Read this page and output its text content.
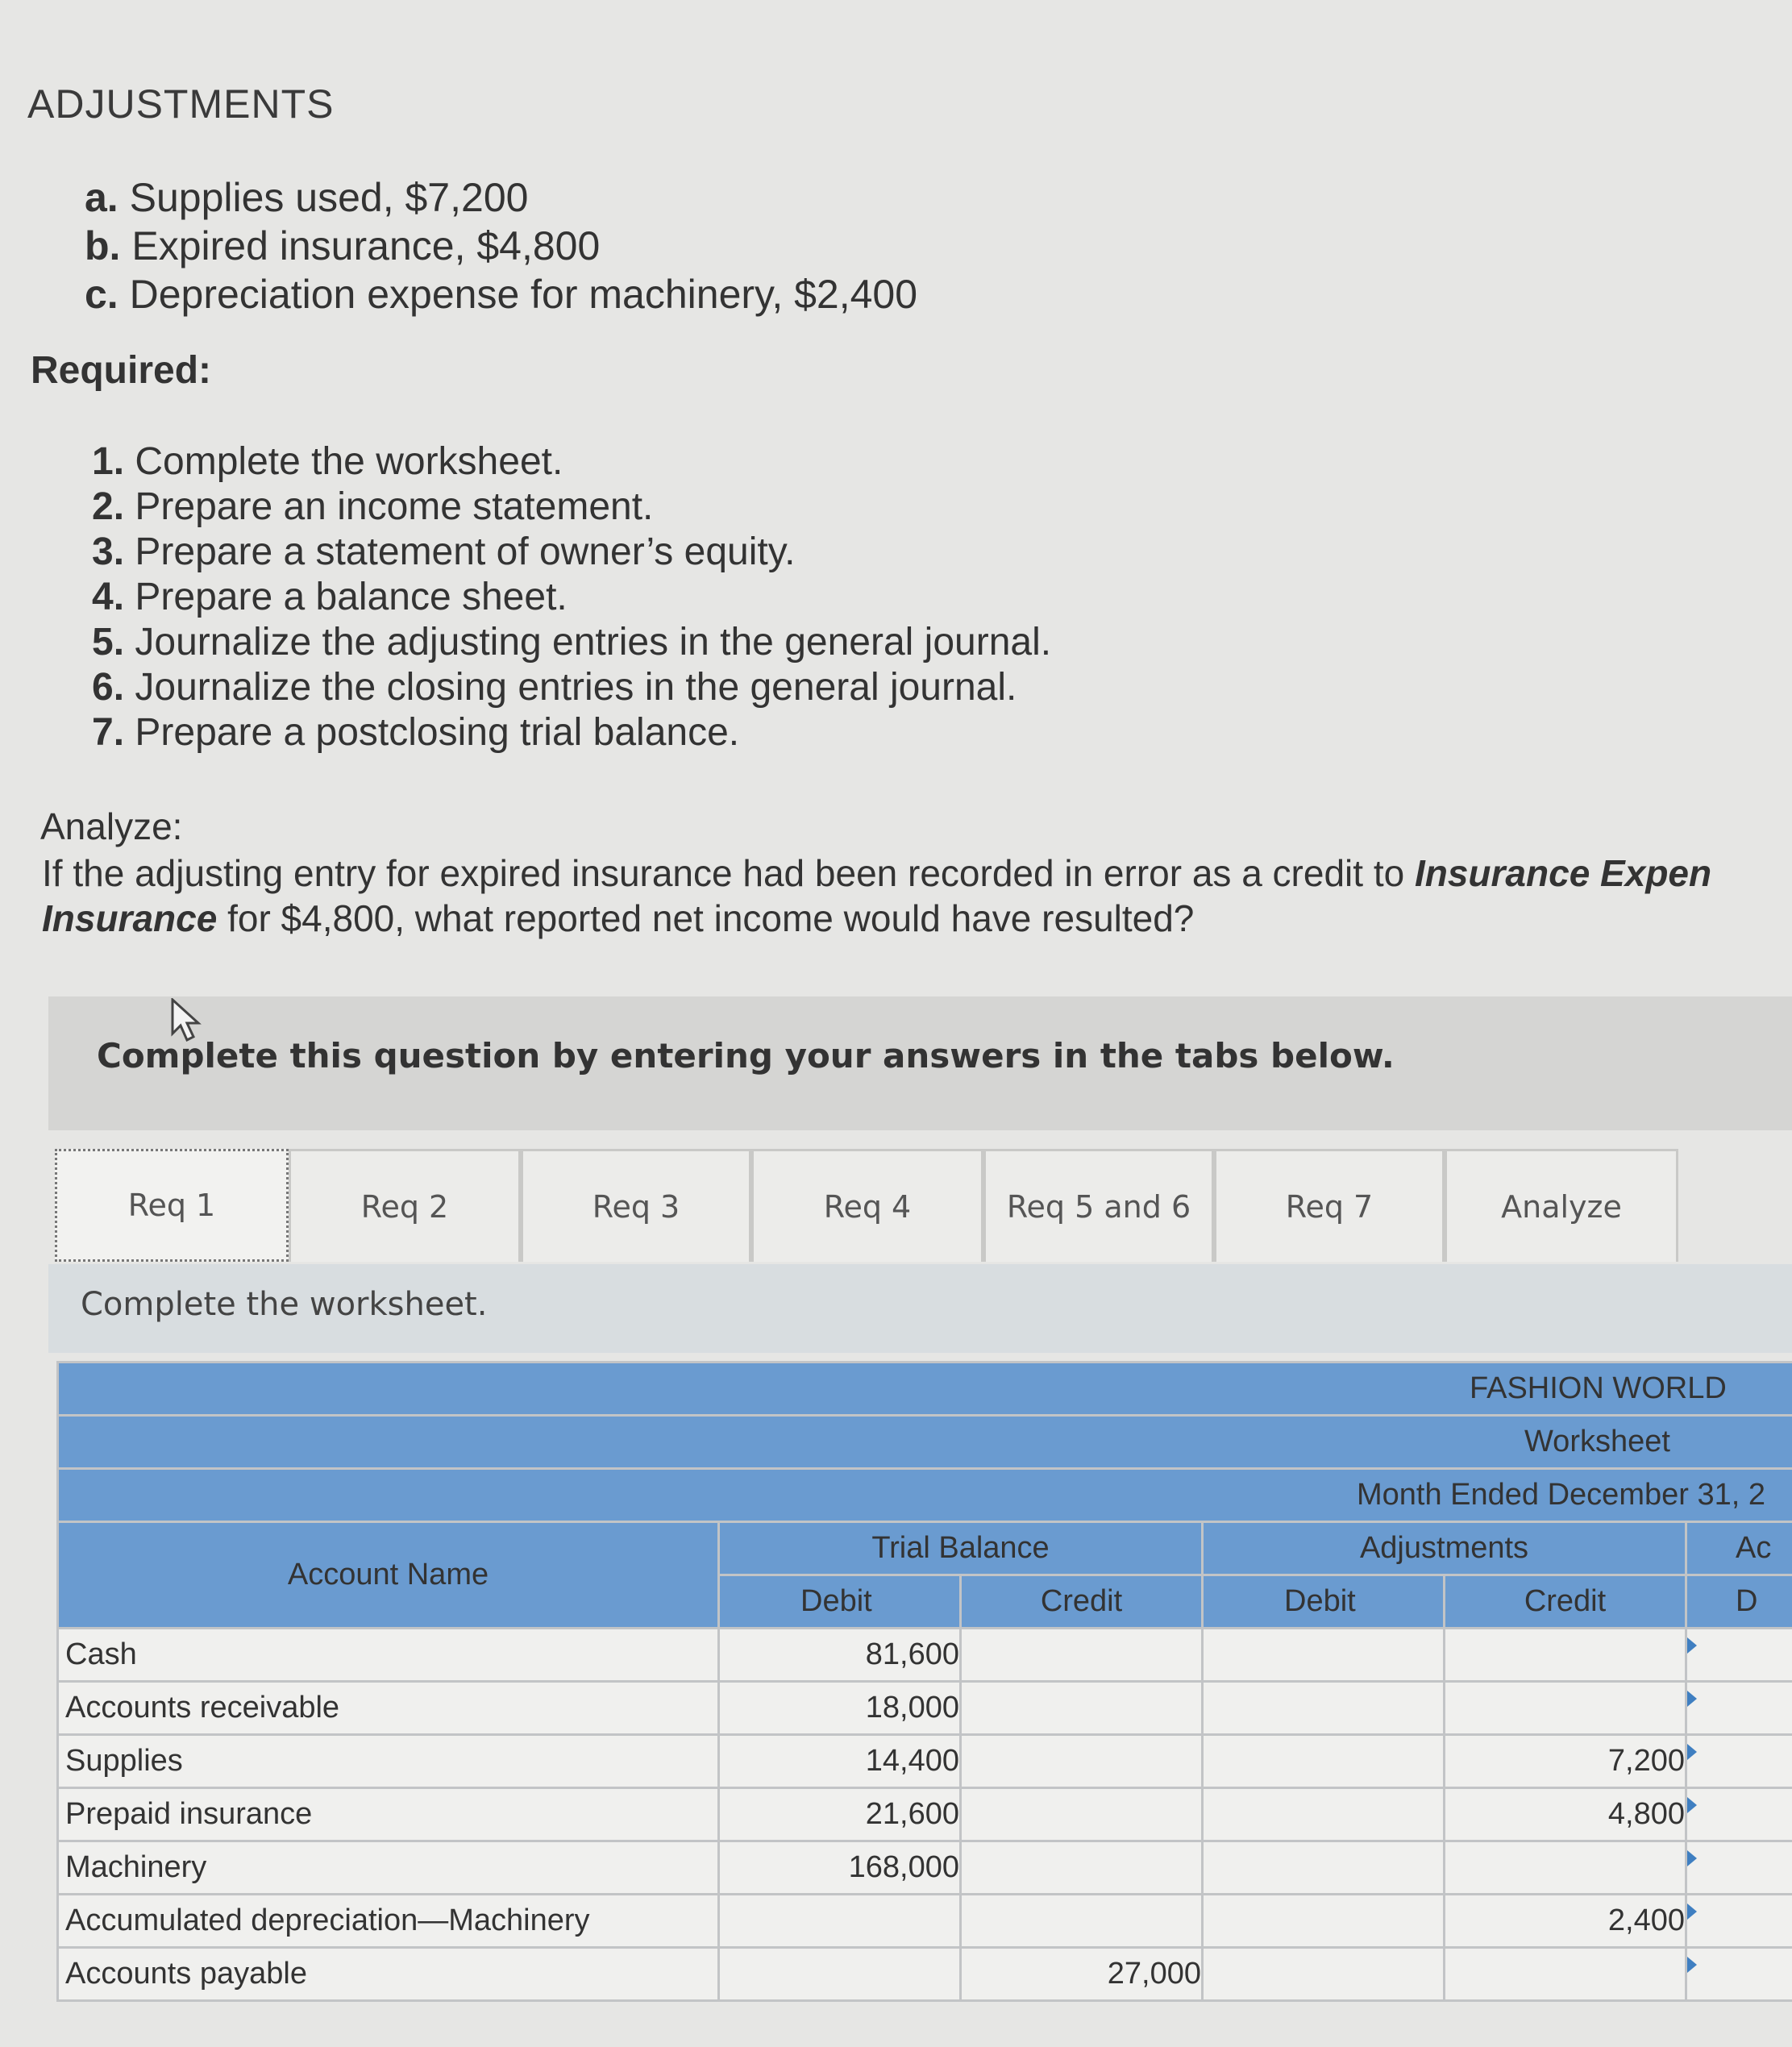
ADJUSTMENTS
a. Supplies used, $7,200
b. Expired insurance, $4,800
c. Depreciation expense for machinery, $2,400
Required:
1. Complete the worksheet.
2. Prepare an income statement.
3. Prepare a statement of owner’s equity.
4. Prepare a balance sheet.
5. Journalize the adjusting entries in the general journal.
6. Journalize the closing entries in the general journal.
7. Prepare a postclosing trial balance.
Analyze:
If the adjusting entry for expired insurance had been recorded in error as a credit to Insurance Expen
Insurance for $4,800, what reported net income would have resulted?
Complete this question by entering your answers in the tabs below.
Req 1	Req 2	Req 3	Req 4	Req 5 and 6	Req 7	Analyze
Complete the worksheet.
FASHION WORLD					
Worksheet					
Month Ended December 31, 2					
Account Name	Trial Balance		Adjustments		Ac
	Debit	Credit	Debit	Credit	D
Cash	81,600				
Accounts receivable	18,000				
Supplies	14,400			7,200	
Prepaid insurance	21,600			4,800	
Machinery	168,000				
Accumulated depreciation—Machinery				2,400	
Accounts payable		27,000			
